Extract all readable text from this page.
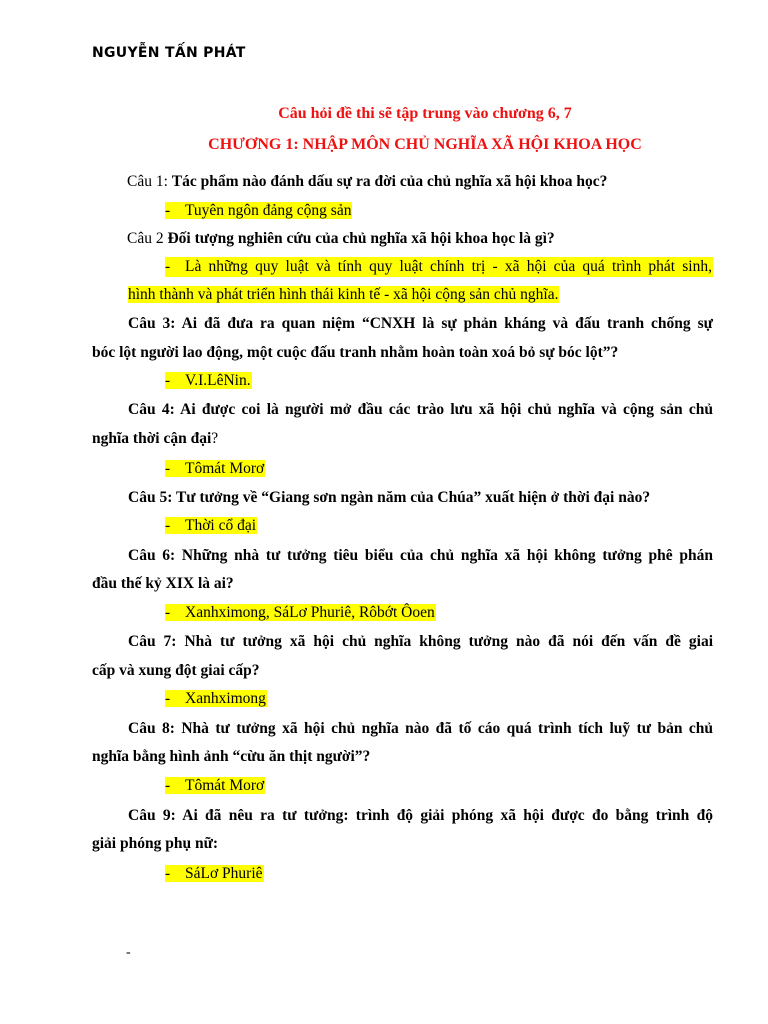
NGUYỄN TẤN PHÁT
Câu hỏi đề thi sẽ tập trung vào chương 6, 7
CHƯƠNG 1: NHẬP MÔN CHỦ NGHĨA XÃ HỘI KHOA HỌC
Câu 1: Tác phẩm nào đánh dấu sự ra đời của chủ nghĩa xã hội khoa học?
- Tuyên ngôn đảng cộng sản
Câu 2 Đối tượng nghiên cứu của chủ nghĩa xã hội khoa học là gì?
- Là những quy luật và tính quy luật chính trị - xã hội của quá trình phát sinh,
hình thành và phát triển hình thái kinh tế - xã hội cộng sản chủ nghĩa.
Câu 3: Ai đã đưa ra quan niệm “CNXH là sự phản kháng và đấu tranh chống sự
bóc lột người lao động, một cuộc đấu tranh nhằm hoàn toàn xoá bỏ sự bóc lột”?
- V.I.LêNin.
Câu 4: Ai được coi là người mở đầu các trào lưu xã hội chủ nghĩa và cộng sản chủ
nghĩa thời cận đại?
- Tômát Morơ
Câu 5: Tư tưởng về “Giang sơn ngàn năm của Chúa” xuất hiện ở thời đại nào?
- Thời cổ đại
Câu 6: Những nhà tư tưởng tiêu biểu của chủ nghĩa xã hội không tưởng phê phán
đầu thế kỷ XIX là ai?
- Xanhximong, SáLơ Phuriê, Rôbớt Ôoen
Câu 7: Nhà tư tưởng xã hội chủ nghĩa không tưởng nào đã nói đến vấn đề giai
cấp và xung đột giai cấp?
- Xanhximong
Câu 8: Nhà tư tưởng xã hội chủ nghĩa nào đã tố cáo quá trình tích luỹ tư bản chủ
nghĩa bằng hình ảnh “cừu ăn thịt người”?
- Tômát Morơ
Câu 9: Ai đã nêu ra tư tưởng: trình độ giải phóng xã hội được đo bằng trình độ
giải phóng phụ nữ:
- SáLơ Phuriê
-
